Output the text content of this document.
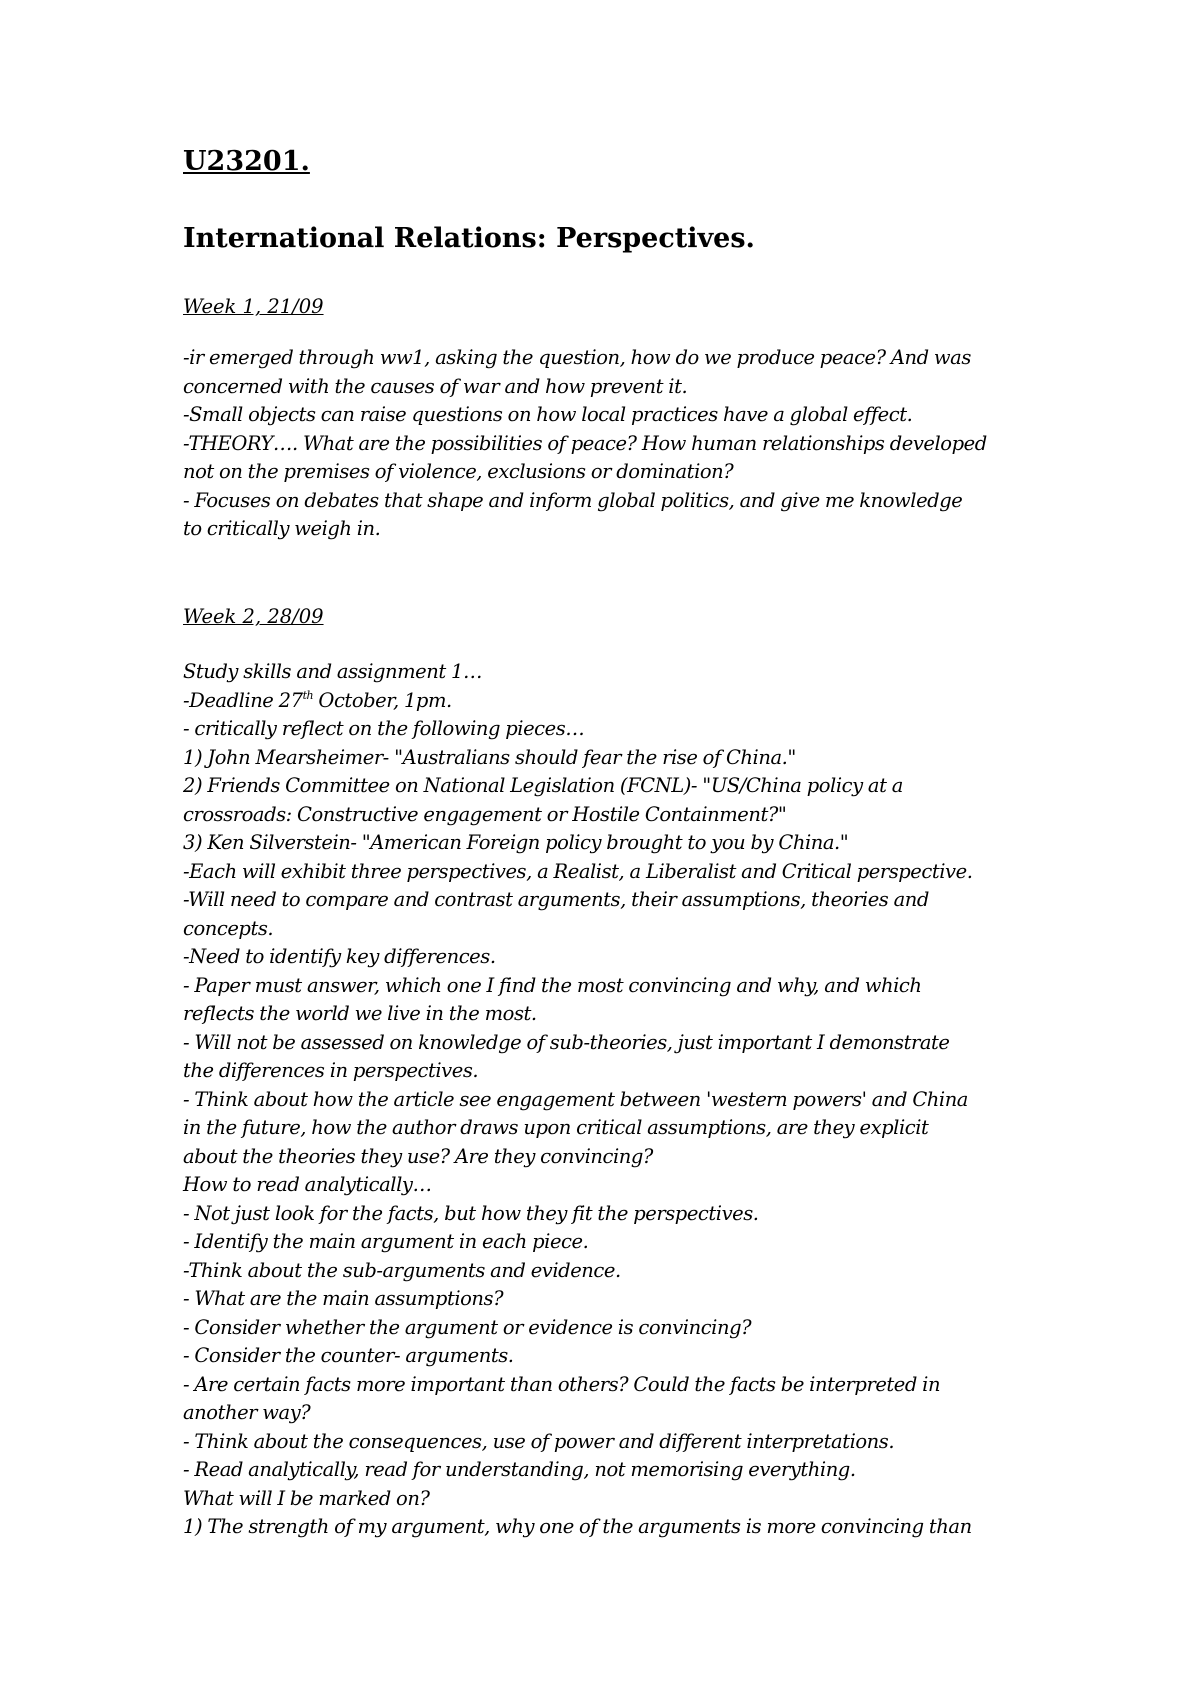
U23201.
International Relations: Perspectives.
Week 1, 21/09

-ir emerged through ww1, asking the question, how do we produce peace? And was

concerned with the causes of war and how prevent it.

-Small objects can raise questions on how local practices have a global effect.

-THEORY…. What are the possibilities of peace? How human relationships developed

not on the premises of violence, exclusions or domination?

- Focuses on debates that shape and inform global politics, and give me knowledge

to critically weigh in.

Week 2, 28/09

Study skills and assignment 1…

-Deadline 27th October, 1pm.

- critically reflect on the following pieces…

1) John Mearsheimer- "Australians should fear the rise of China."

2) Friends Committee on National Legislation (FCNL)- "US/China policy at a

crossroads: Constructive engagement or Hostile Containment?"

3) Ken Silverstein- "American Foreign policy brought to you by China."

-Each will exhibit three perspectives, a Realist, a Liberalist and Critical perspective.

-Will need to compare and contrast arguments, their assumptions, theories and

concepts.

-Need to identify key differences.

- Paper must answer, which one I find the most convincing and why, and which

reflects the world we live in the most.

- Will not be assessed on knowledge of sub-theories, just important I demonstrate

the differences in perspectives.

- Think about how the article see engagement between 'western powers' and China

in the future, how the author draws upon critical assumptions, are they explicit

about the theories they use? Are they convincing?

How to read analytically…

- Not just look for the facts, but how they fit the perspectives.

- Identify the main argument in each piece.

-Think about the sub-arguments and evidence.

- What are the main assumptions?

- Consider whether the argument or evidence is convincing?

- Consider the counter- arguments.

- Are certain facts more important than others? Could the facts be interpreted in

another way?

- Think about the consequences, use of power and different interpretations.

- Read analytically, read for understanding, not memorising everything.

What will I be marked on?

1) The strength of my argument, why one of the arguments is more convincing than
